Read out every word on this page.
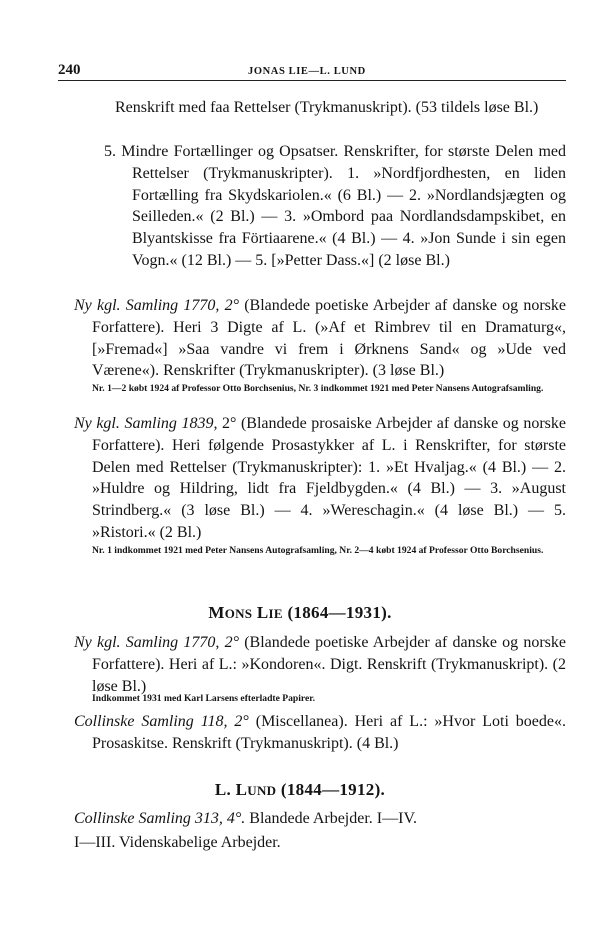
240	JONAS LIE—L. LUND

Renskrift med faa Rettelser (Trykmanuskript). (53 tildels løse Bl.)

5. Mindre Fortællinger og Opsatser. Renskrifter, for største Delen med Rettelser (Trykmanuskripter). 1. »Nordfjordhesten, en liden Fortælling fra Skydskariolen.« (6 Bl.) — 2. »Nordlandsjægten og Seilleden.« (2 Bl.) — 3. »Ombord paa Nordlandsdampskibet, en Blyantskisse fra Förtiaarene.« (4 Bl.) — 4. »Jon Sunde i sin egen Vogn.« (12 Bl.) — 5. [»Petter Dass.«] (2 løse Bl.)

Ny kgl. Samling 1770, 2° (Blandede poetiske Arbejder af danske og norske Forfattere). Heri 3 Digte af L. (»Af et Rimbrev til en Dramaturg«, [»Fremad«] »Saa vandre vi frem i Ørknens Sand« og »Ude ved Værene«). Renskrifter (Trykmanuskripter). (3 løse Bl.)

Nr. 1—2 købt 1924 af Professor Otto Borchsenius, Nr. 3 indkommet 1921 med Peter Nansens Autografsamling.

Ny kgl. Samling 1839, 2° (Blandede prosaiske Arbejder af danske og norske Forfattere). Heri følgende Prosastykker af L. i Renskrifter, for største Delen med Rettelser (Trykmanuskripter): 1. »Et Hvaljag.« (4 Bl.) — 2. »Huldre og Hildring, lidt fra Fjeldbygden.« (4 Bl.) — 3. »August Strindberg.« (3 løse Bl.) — 4. »Wereschagin.« (4 løse Bl.) — 5. »Ristori.« (2 Bl.)

Nr. 1 indkommet 1921 med Peter Nansens Autografsamling, Nr. 2—4 købt 1924 af Professor Otto Borchsenius.

MONS LIE (1864—1931).

Ny kgl. Samling 1770, 2° (Blandede poetiske Arbejder af danske og norske Forfattere). Heri af L.: »Kondoren«. Digt. Renskrift (Trykmanuskript). (2 løse Bl.)

Indkommet 1931 med Karl Larsens efterladte Papirer.

Collinske Samling 118, 2° (Miscellanea). Heri af L.: »Hvor Loti boede«. Prosaskitse. Renskrift (Trykmanuskript). (4 Bl.)

L. LUND (1844—1912).

Collinske Samling 313, 4°. Blandede Arbejder. I—IV.

I—III. Videnskabelige Arbejder.
